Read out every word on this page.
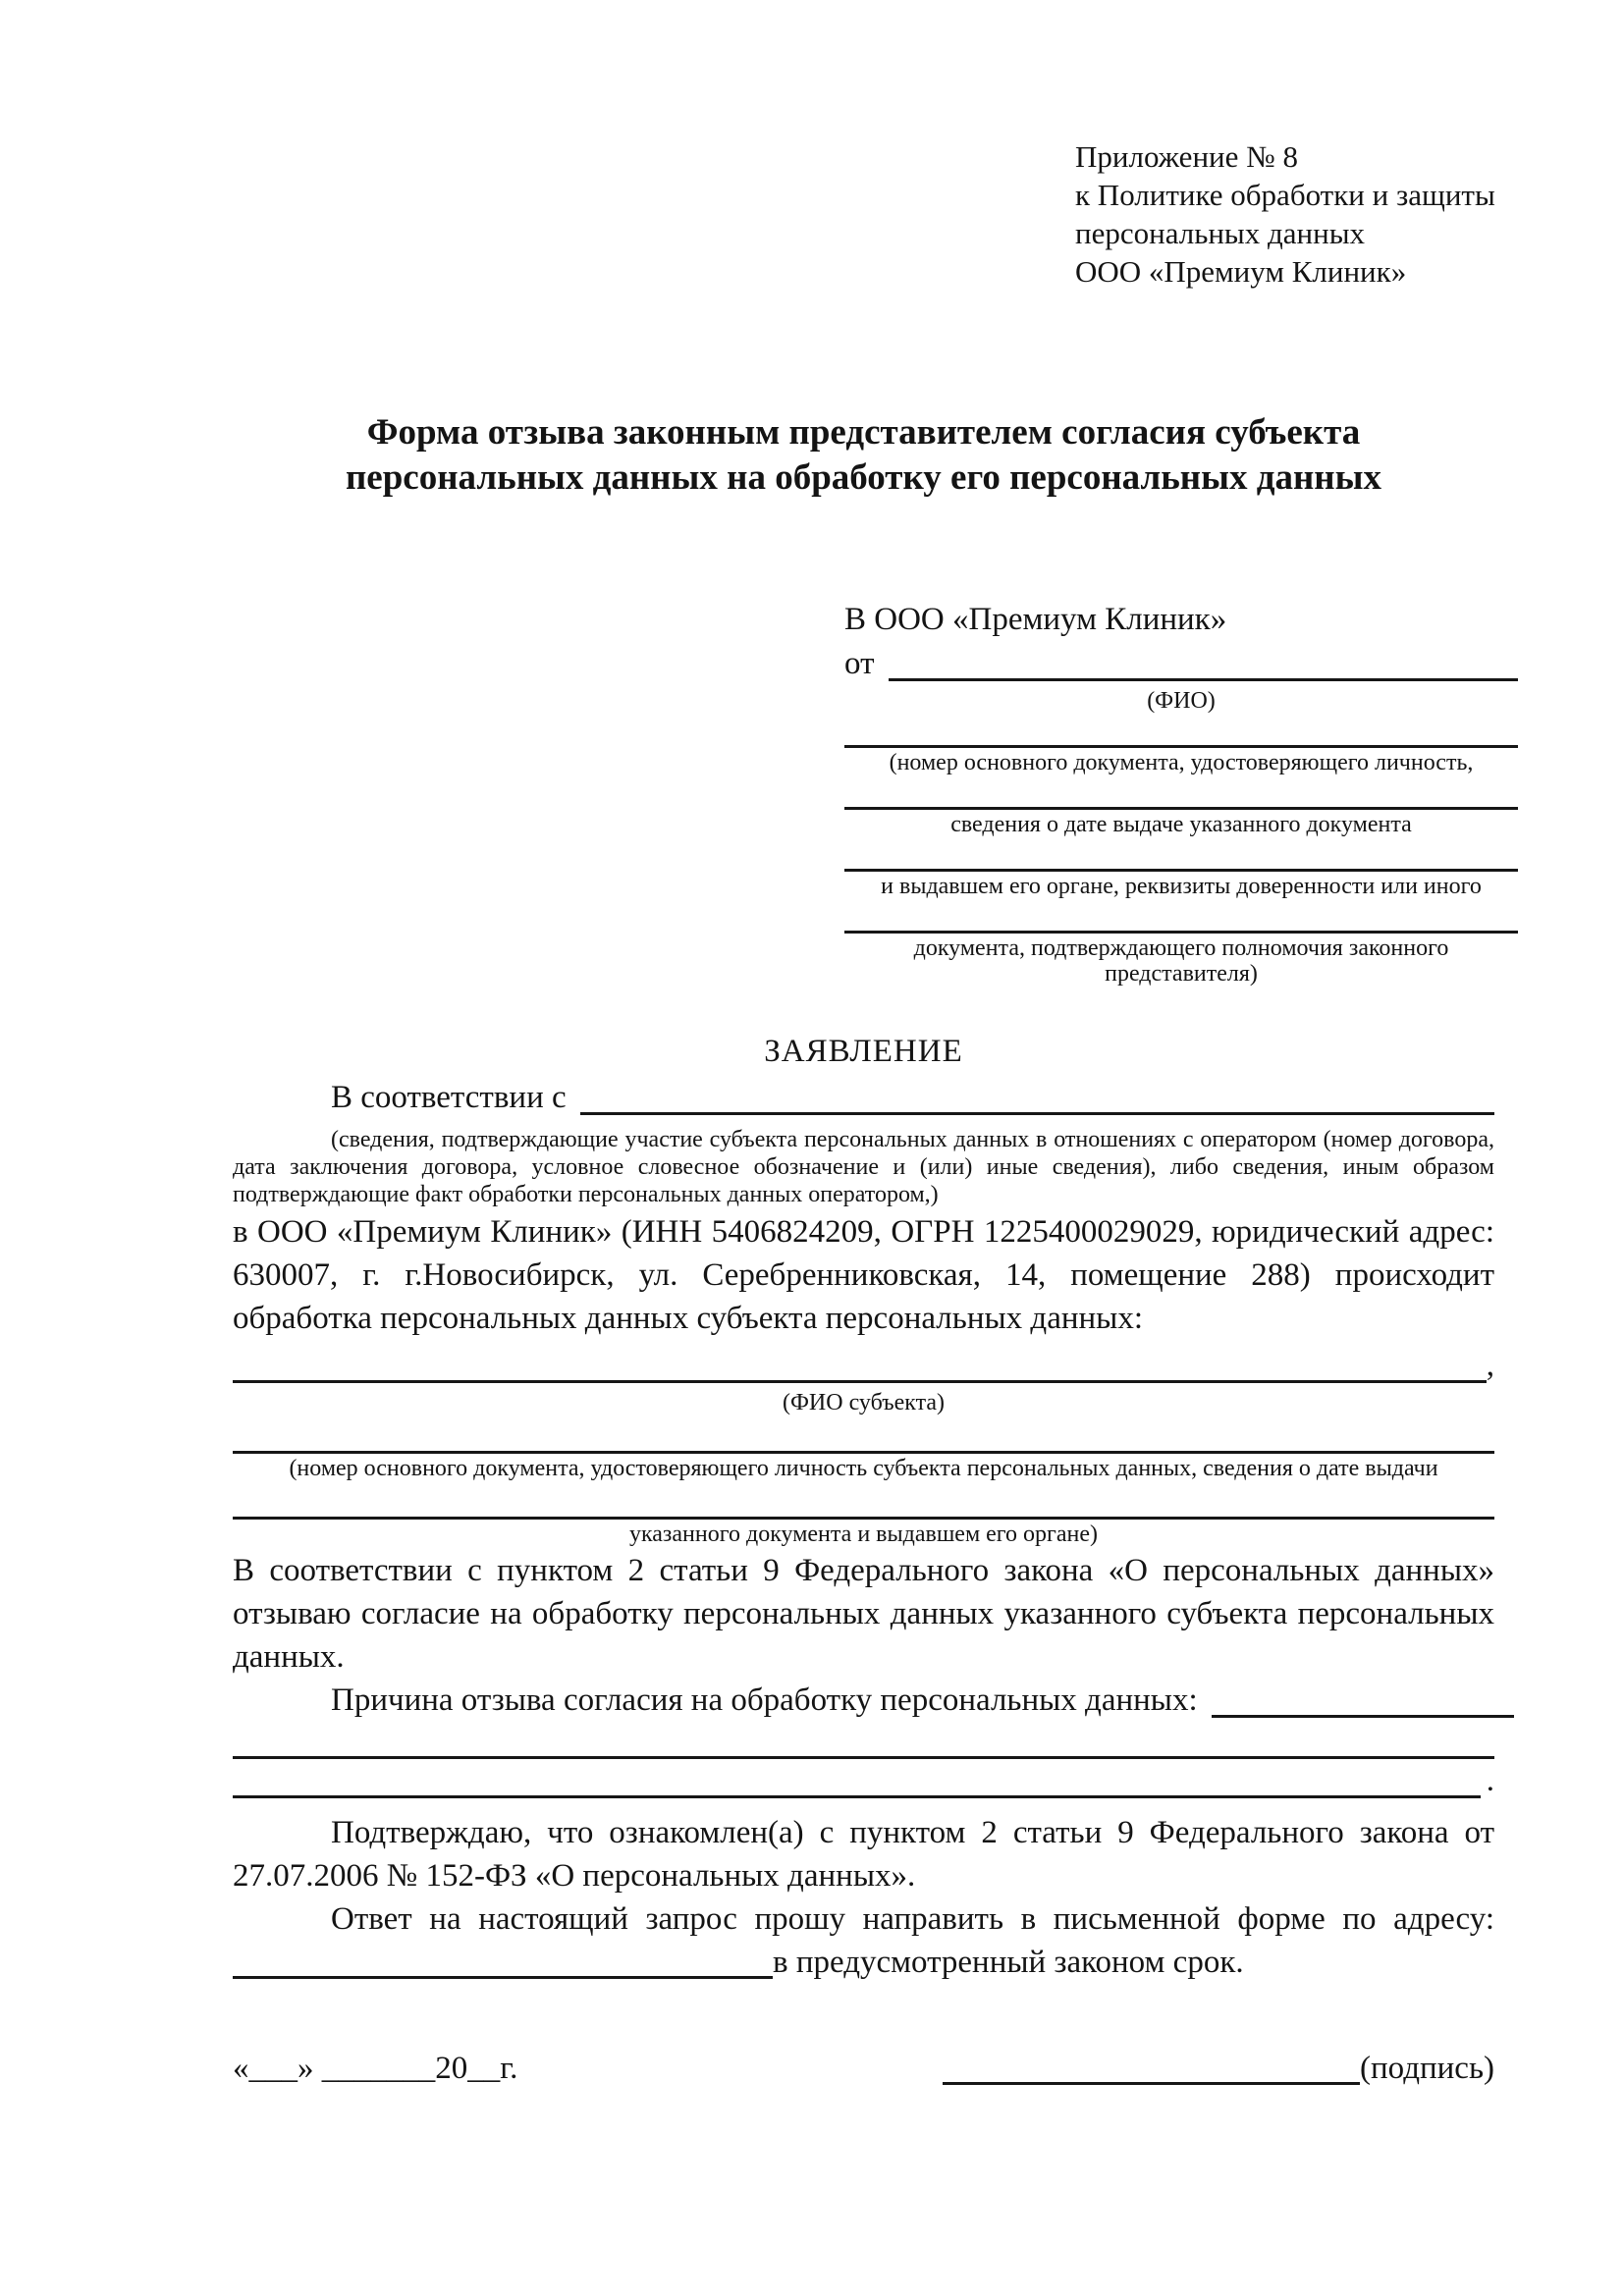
Приложение № 8
к Политике обработки и защиты
персональных данных
ООО «Премиум Клиник»
Форма отзыва законным представителем согласия субъекта
персональных данных на обработку его персональных данных
В ООО «Премиум Клиник»
от
(ФИО)
(номер основного документа, удостоверяющего личность,
сведения о дате выдаче указанного документа
и выдавшем его органе, реквизиты доверенности или иного
документа, подтверждающего полномочия законного представителя)
ЗАЯВЛЕНИЕ
В соответствии с
(сведения, подтверждающие участие субъекта персональных данных в отношениях с оператором (номер договора, дата заключения договора, условное словесное обозначение и (или) иные сведения), либо сведения, иным образом подтверждающие факт обработки персональных данных оператором,)
в ООО «Премиум Клиник» (ИНН 5406824209, ОГРН 1225400029029, юридический адрес: 630007, г. г.Новосибирск, ул. Серебренниковская, 14, помещение 288) происходит обработка персональных данных субъекта персональных данных:
,
(ФИО субъекта)
(номер основного документа, удостоверяющего личность субъекта персональных данных, сведения о дате выдачи
указанного документа и выдавшем его органе)
В соответствии с пунктом 2 статьи 9 Федерального закона «О персональных данных» отзываю согласие на обработку персональных данных указанного субъекта персональных данных.
Причина отзыва согласия на обработку персональных данных:
.
Подтверждаю, что ознакомлен(а) с пунктом 2 статьи 9 Федерального закона от 27.07.2006 № 152-ФЗ «О персональных данных».
Ответ на настоящий запрос прошу направить в письменной форме по адресу:
в предусмотренный законом срок.
«___» _______20__г.	(подпись)
